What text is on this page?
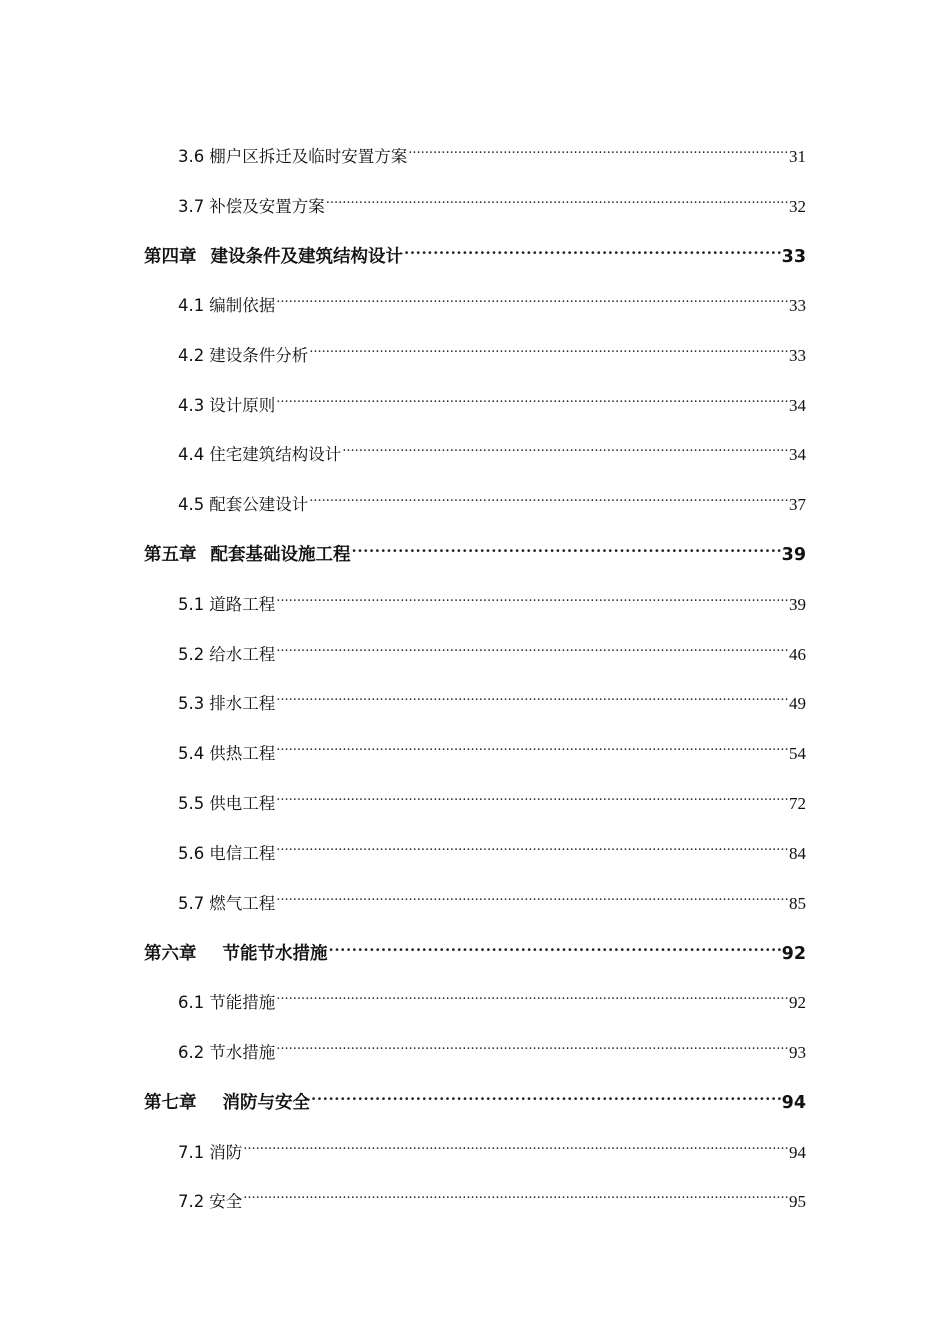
3.6 棚户区拆迁及临时安置方案 .....	31
3.7 补偿及安置方案 .....	32
第四章 建设条件及建筑结构设计 .....	33
4.1 编制依据 .....	33
4.2 建设条件分析 .....	33
4.3 设计原则 .....	34
4.4 住宅建筑结构设计 .....	34
4.5 配套公建设计 .....	37
第五章 配套基础设施工程 .....	39
5.1 道路工程 .....	39
5.2 给水工程 .....	46
5.3 排水工程 .....	49
5.4 供热工程 .....	54
5.5 供电工程 .....	72
5.6 电信工程 .....	84
5.7 燃气工程 .....	85
第六章 节能节水措施 .....	92
6.1 节能措施 .....	92
6.2 节水措施 .....	93
第七章 消防与安全 .....	94
7.1 消防 .....	94
7.2 安全 .....	95
